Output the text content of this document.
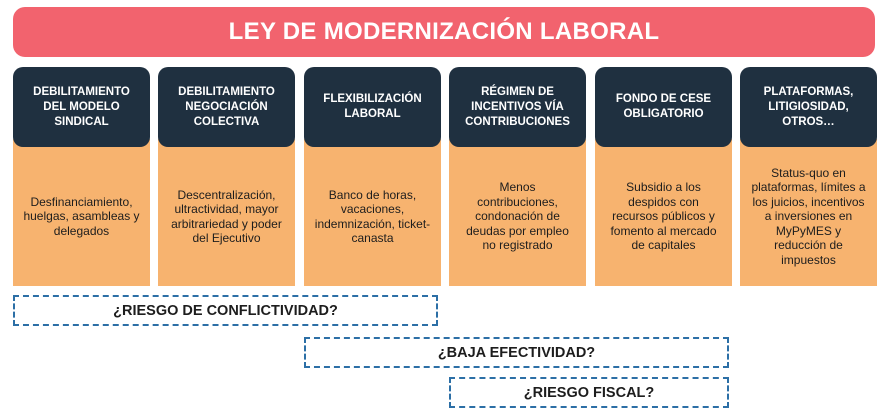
LEY DE MODERNIZACIÓN LABORAL
Desfinanciamiento, huelgas, asambleas y delegados
DEBILITAMIENTO DEL MODELO SINDICAL
Descentralización, ultractividad, mayor arbitrariedad y poder del Ejecutivo
DEBILITAMIENTO NEGOCIACIÓN COLECTIVA
Banco de horas, vacaciones, indemnización, ticket-canasta
FLEXIBILIZACIÓN LABORAL
Menos contribuciones, condonación de deudas por empleo no registrado
RÉGIMEN DE INCENTIVOS VÍA CONTRIBUCIONES
Subsidio a los despidos con recursos públicos y fomento al mercado de capitales
FONDO DE CESE OBLIGATORIO
Status-quo en plataformas, límites a los juicios, incentivos a inversiones en MyPyMES y reducción de impuestos
PLATAFORMAS, LITIGIOSIDAD, OTROS…
¿RIESGO DE CONFLICTIVIDAD?
¿BAJA EFECTIVIDAD?
¿RIESGO FISCAL?
